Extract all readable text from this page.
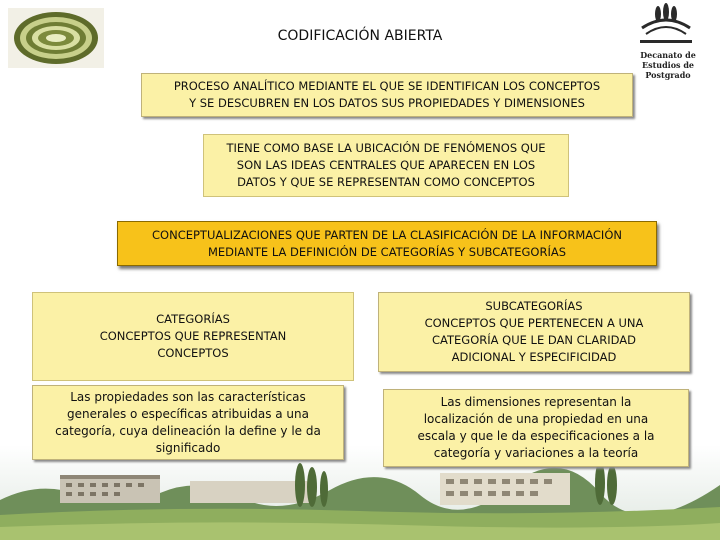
CODIFICACIÓN ABIERTA
Decanato de
Estudios de Postgrado
PROCESO ANALÍTICO MEDIANTE EL QUE SE IDENTIFICAN LOS CONCEPTOS
Y SE DESCUBREN EN LOS DATOS SUS PROPIEDADES Y DIMENSIONES
TIENE COMO BASE LA UBICACIÓN DE FENÓMENOS QUE
SON LAS IDEAS CENTRALES QUE APARECEN EN LOS
DATOS Y QUE SE REPRESENTAN COMO CONCEPTOS
CONCEPTUALIZACIONES QUE PARTEN DE LA CLASIFICACIÓN DE LA INFORMACIÓN
MEDIANTE LA DEFINICIÓN DE CATEGORÍAS Y SUBCATEGORÍAS
CATEGORÍAS
CONCEPTOS QUE REPRESENTAN
CONCEPTOS
SUBCATEGORÍAS
CONCEPTOS QUE PERTENECEN A UNA
CATEGORÍA QUE LE DAN CLARIDAD
ADICIONAL Y ESPECIFICIDAD
Las propiedades son las características
generales o específicas atribuidas a una
categoría, cuya delineación la define y le da
significado
Las dimensiones representan la
localización de una propiedad en una
escala y que le da especificaciones a la
categoría y variaciones a la teoría
